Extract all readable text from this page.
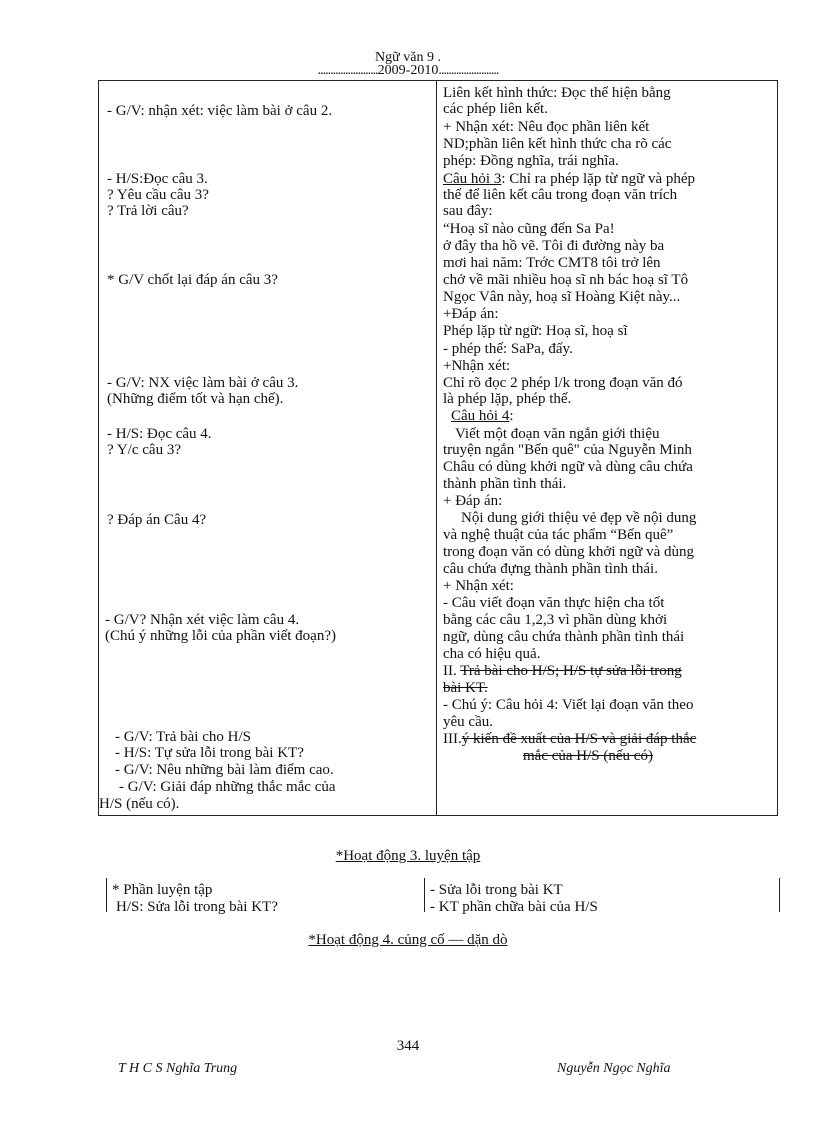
Ngữ văn 9 .
........................2009-2010........................
- G/V: nhận xét: việc làm bài ở câu 2.
- H/S:Đọc câu 3.
? Yêu cầu câu 3?
? Trả lời câu?
* G/V chốt lại đáp án câu 3?
- G/V: NX việc làm bài ở câu 3.
(Những điểm tốt và hạn chế).
- H/S: Đọc câu 4.
? Y/c câu 3?
? Đáp án Câu 4?
- G/V? Nhận xét việc làm câu 4.
(Chú ý những lỗi của phần viết đoạn?)
- G/V: Trả bài cho H/S
- H/S: Tự sửa lỗi trong bài KT?
- G/V: Nêu những bài làm điểm cao.
- G/V: Giải đáp những thắc mắc của
H/S (nếu có).
Liên kết hình thức: Đọc thể hiện bằng
các phép liên kết.
+ Nhận xét: Nêu đọc phần liên kết
ND;phần liên kết hình thức cha rõ các
phép: Đồng nghĩa, trái nghĩa.
Câu hỏi 3: Chỉ ra phép lặp từ ngữ và phép
thế để liên kết câu trong đoạn văn trích
sau đây:
“Hoạ sĩ nào cũng đến Sa Pa!
ở đây tha hồ vẽ. Tôi đi đường này ba
mơi hai năm: Trớc CMT8 tôi trở lên
chở về mãi nhiều hoạ sĩ nh bác hoạ sĩ Tô
Ngọc Vân này, hoạ sĩ Hoàng Kiệt này...
+Đáp án:
Phép lặp từ ngữ: Hoạ sĩ, hoạ sĩ
- phép thế: SaPa, đấy.
+Nhận xét:
Chỉ rõ đọc 2 phép l/k trong đoạn văn đó
là phép lặp, phép thế.
Câu hỏi 4:
Viết một đoạn văn ngắn giới thiệu
truyện ngắn "Bến quê" của Nguyễn Minh
Châu có dùng khởi ngữ và dùng câu chứa
thành phần tình thái.
+ Đáp án:
Nội dung giới thiệu vẻ đẹp về nội dung
và nghệ thuật của tác phẩm “Bến quê”
trong đoạn văn có dùng khởi ngữ và dùng
câu chứa đựng thành phần tình thái.
+ Nhận xét:
- Câu viết đoạn văn thực hiện cha tốt
bằng các câu 1,2,3 vì phần dùng khởi
ngữ, dùng câu chứa thành phần tình thái
cha có hiệu quả.
II. Trả bài cho H/S; H/S tự sửa lỗi trong
bài KT.
- Chú ý: Câu hỏi 4: Viết lại đoạn văn theo
yêu cầu.
III.ý kiến đề xuất của H/S và giải đáp thắc
mắc của H/S (nếu có)
*Hoạt động 3. luyện tập
* Phần luyện tập
H/S: Sửa lỗi trong bài KT?
- Sửa lỗi trong bài KT
- KT phần chữa bài của H/S
*Hoạt động 4. củng cố — dặn dò
344
T H C S Nghĩa Trung	Nguyễn Ngọc Nghĩa
